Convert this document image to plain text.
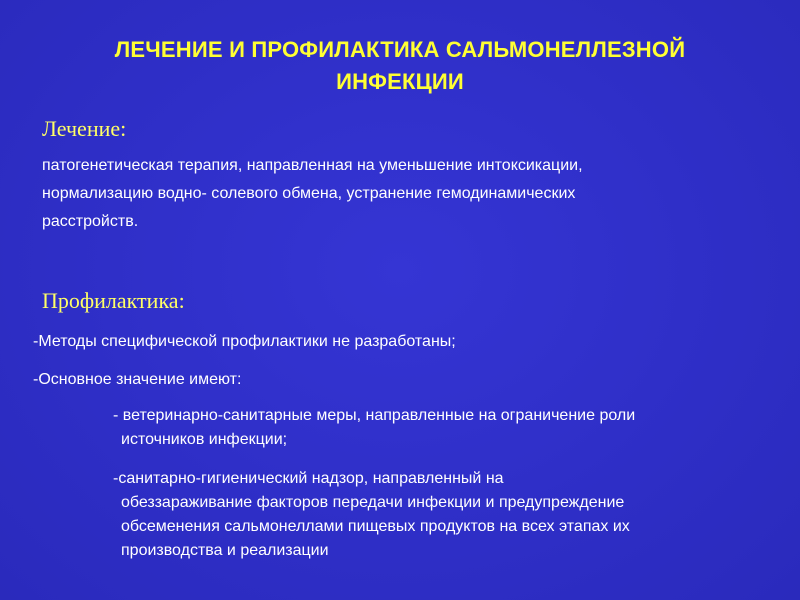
ЛЕЧЕНИЕ И ПРОФИЛАКТИКА САЛЬМОНЕЛЛЕЗНОЙ
ИНФЕКЦИИ
Лечение:
патогенетическая терапия, направленная на уменьшение интоксикации,
нормализацию водно- солевого обмена, устранение гемодинамических
расстройств.
Профилактика:
-Методы специфической профилактики не разработаны;
-Основное значение имеют:
- ветеринарно-санитарные меры, направленные на ограничение роли
источников инфекции;
-санитарно-гигиенический надзор, направленный на
обеззараживание факторов передачи инфекции и предупреждение
обсеменения сальмонеллами пищевых продуктов на всех этапах их
производства и реализации
